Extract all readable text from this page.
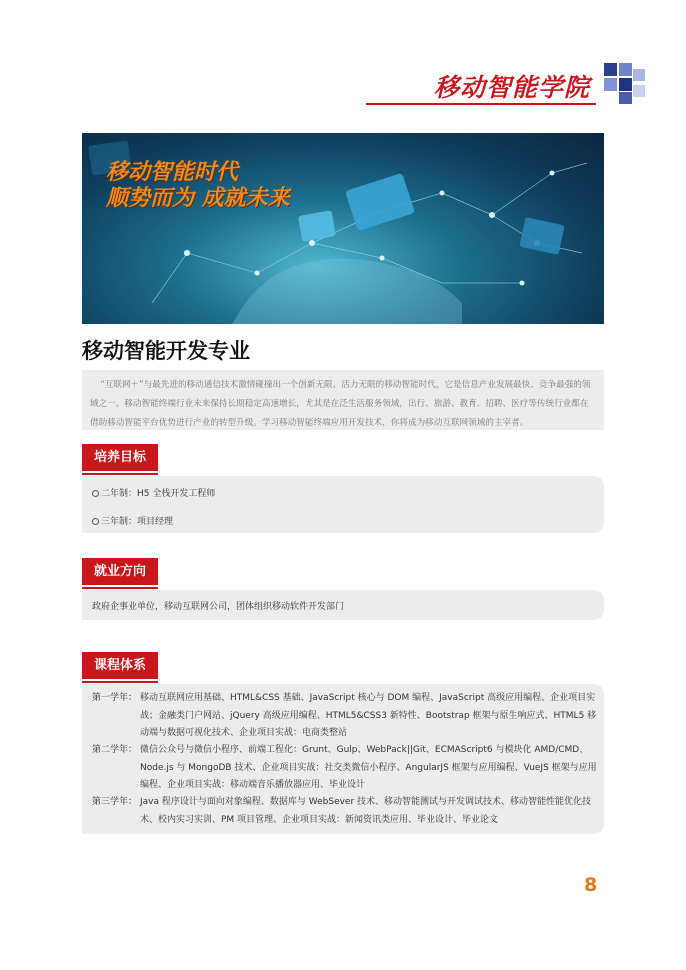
移动智能学院
移动智能时代
顺势而为 成就未来
移动智能开发专业

“互联网＋”与最先进的移动通信技术激情碰撞出一个创新无限、活力无限的移动智能时代，它是信息产业发展最快、竞争最强的领域之一。移动智能终端行业未来保持长期稳定高速增长，尤其是在泛生活服务领域，出行、旅游、教育、招聘、医疗等传统行业都在借助移动智能平台优势进行产业的转型升级。学习移动智能终端应用开发技术，你将成为移动互联网领域的主宰者。

培养目标
二年制：H5 全栈开发工程师
三年制：项目经理
就业方向
政府企事业单位，移动互联网公司，团体组织移动软件开发部门
课程体系
第一学年： 移动互联网应用基础、HTML&CSS 基础、JavaScript 核心与 DOM 编程、JavaScript 高级应用编程、企业项目实战；金融类门户网站、jQuery 高级应用编程、HTML5&CSS3 新特性、Bootstrap 框架与原生响应式、HTML5 移动端与数据可视化技术、企业项目实战：电商类整站
第二学年： 微信公众号与微信小程序、前端工程化：Grunt、Gulp、WebPack||Git、ECMAScript6 与模块化 AMD/CMD、Node.js 与 MongoDB 技术、企业项目实战：社交类微信小程序、AngularJS 框架与应用编程、VueJS 框架与应用编程、企业项目实战：移动端音乐播放器应用、毕业设计
第三学年： Java 程序设计与面向对象编程、数据库与 WebSever 技术、移动智能测试与开发调试技术、移动智能性能优化技术、校内实习实训、PM 项目管理、企业项目实战：新闻资讯类应用、毕业设计、毕业论文
8
